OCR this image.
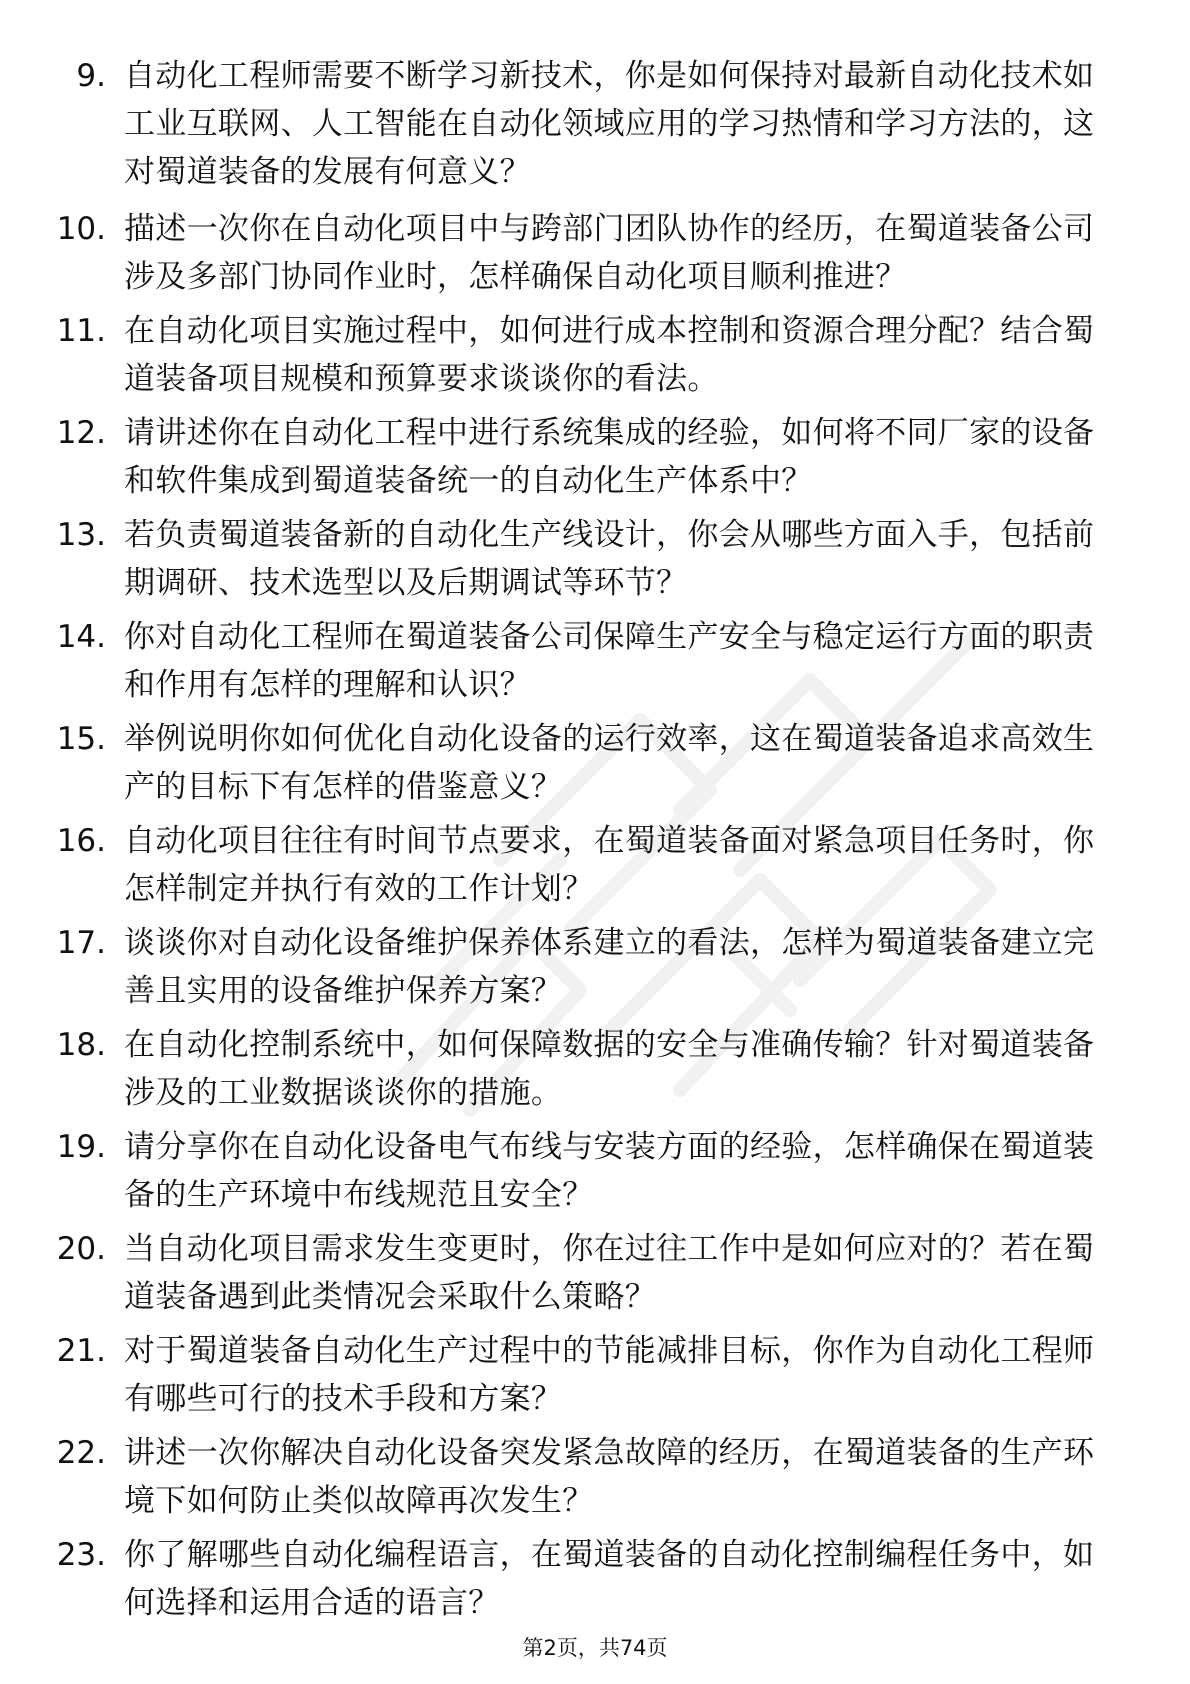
9. 自动化工程师需要不断学习新技术，你是如何保持对最新自动化技术如工业互联网、人工智能在自动化领域应用的学习热情和学习方法的，这对蜀道装备的发展有何意义？
10. 描述一次你在自动化项目中与跨部门团队协作的经历，在蜀道装备公司涉及多部门协同作业时，怎样确保自动化项目顺利推进？
11. 在自动化项目实施过程中，如何进行成本控制和资源合理分配？结合蜀道装备项目规模和预算要求谈谈你的看法。
12. 请讲述你在自动化工程中进行系统集成的经验，如何将不同厂家的设备和软件集成到蜀道装备统一的自动化生产体系中？
13. 若负责蜀道装备新的自动化生产线设计，你会从哪些方面入手，包括前期调研、技术选型以及后期调试等环节？
14. 你对自动化工程师在蜀道装备公司保障生产安全与稳定运行方面的职责和作用有怎样的理解和认识？
15. 举例说明你如何优化自动化设备的运行效率，这在蜀道装备追求高效生产的目标下有怎样的借鉴意义？
16. 自动化项目往往有时间节点要求，在蜀道装备面对紧急项目任务时，你怎样制定并执行有效的工作计划？
17. 谈谈你对自动化设备维护保养体系建立的看法，怎样为蜀道装备建立完善且实用的设备维护保养方案？
18. 在自动化控制系统中，如何保障数据的安全与准确传输？针对蜀道装备涉及的工业数据谈谈你的措施。
19. 请分享你在自动化设备电气布线与安装方面的经验，怎样确保在蜀道装备的生产环境中布线规范且安全？
20. 当自动化项目需求发生变更时，你在过往工作中是如何应对的？若在蜀道装备遇到此类情况会采取什么策略？
21. 对于蜀道装备自动化生产过程中的节能减排目标，你作为自动化工程师有哪些可行的技术手段和方案？
22. 讲述一次你解决自动化设备突发紧急故障的经历，在蜀道装备的生产环境下如何防止类似故障再次发生？
23. 你了解哪些自动化编程语言，在蜀道装备的自动化控制编程任务中，如何选择和运用合适的语言？
第2页，共74页
